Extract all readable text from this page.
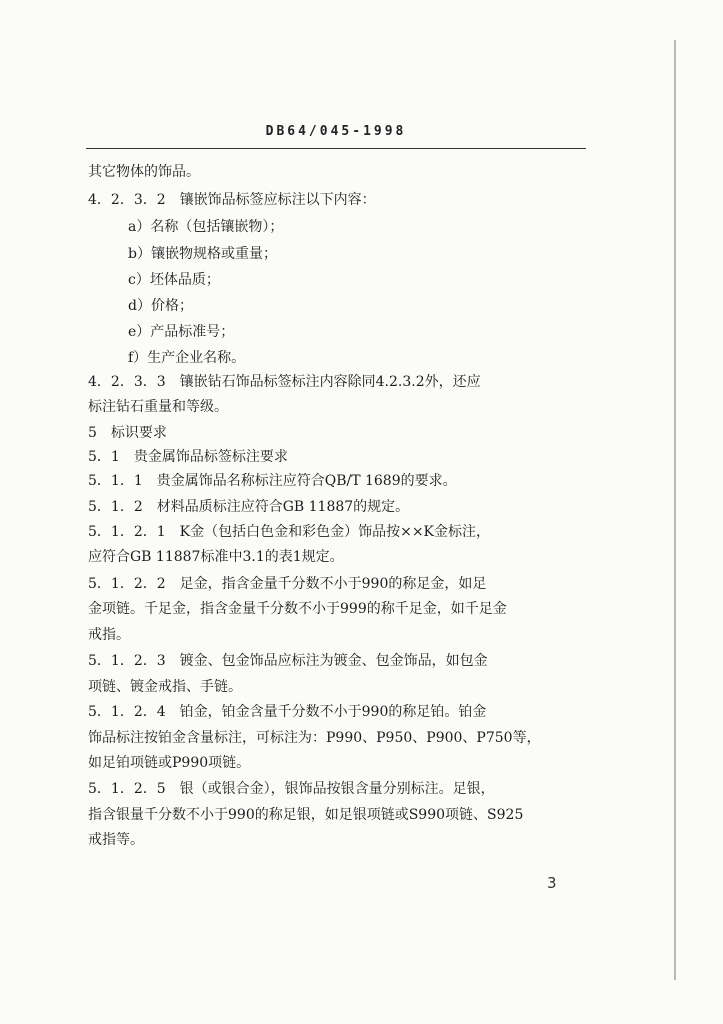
DB64/045-1998
其它物体的饰品。
4．2．3．2　镶嵌饰品标签应标注以下内容：
a）名称（包括镶嵌物）；
b）镶嵌物规格或重量；
c）坯体品质；
d）价格；
e）产品标准号；
f）生产企业名称。
4．2．3．3　镶嵌钻石饰品标签标注内容除同4.2.3.2外，还应
标注钻石重量和等级。
5　标识要求
5．1　贵金属饰品标签标注要求
5．1．1　贵金属饰品名称标注应符合QB/T 1689的要求。
5．1．2　材料品质标注应符合GB 11887的规定。
5．1．2．1　K金（包括白色金和彩色金）饰品按××K金标注，
应符合GB 11887标准中3.1的表1规定。
5．1．2．2　足金，指含金量千分数不小于990的称足金，如足
金项链。千足金，指含金量千分数不小于999的称千足金，如千足金
戒指。
5．1．2．3　镀金、包金饰品应标注为镀金、包金饰品，如包金
项链、镀金戒指、手链。
5．1．2．4　铂金，铂金含量千分数不小于990的称足铂。铂金
饰品标注按铂金含量标注，可标注为：P990、P950、P900、P750等，
如足铂项链或P990项链。
5．1．2．5　银（或银合金），银饰品按银含量分别标注。足银，
指含银量千分数不小于990的称足银，如足银项链或S990项链、S925
戒指等。
3
